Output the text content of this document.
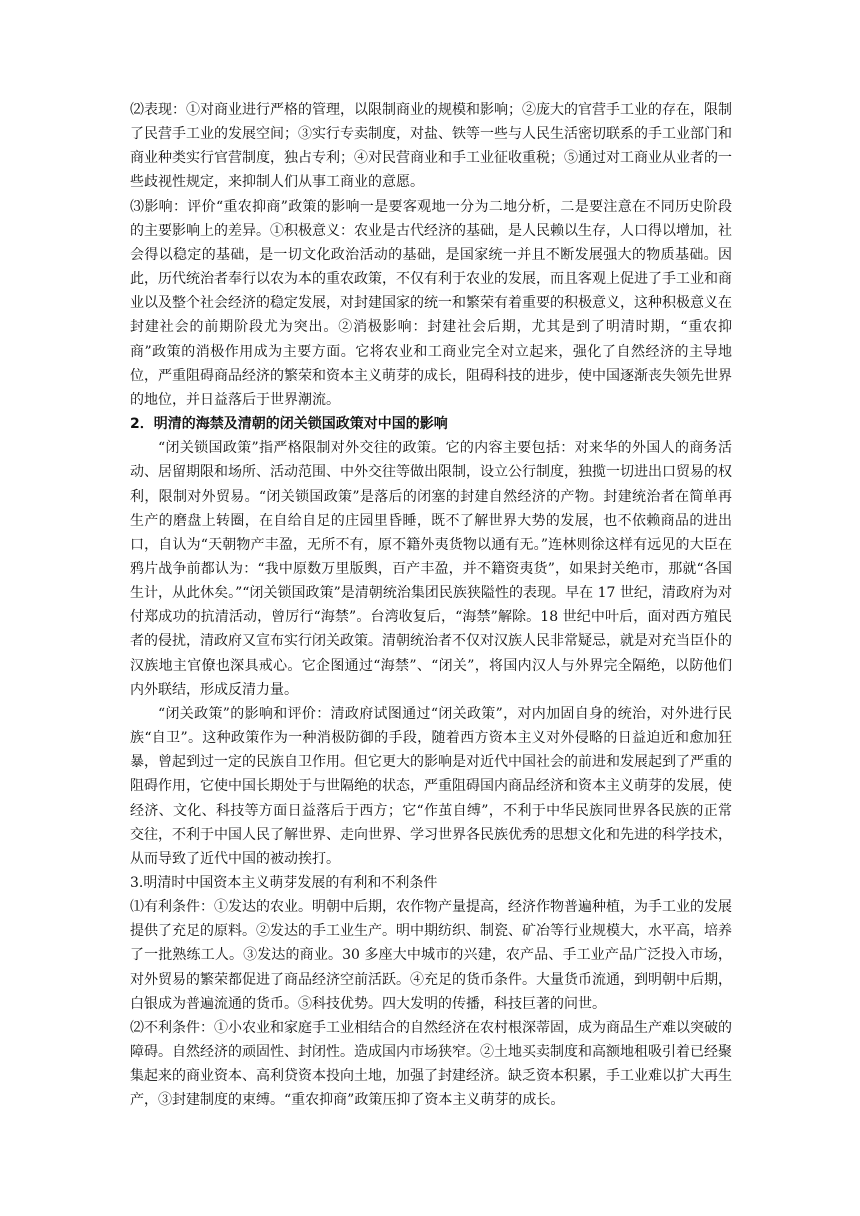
⑵表现：①对商业进行严格的管理，以限制商业的规模和影响；②庞大的官营手工业的存在，限制了民营手工业的发展空间；③实行专卖制度，对盐、铁等一些与人民生活密切联系的手工业部门和商业种类实行官营制度，独占专利；④对民营商业和手工业征收重税；⑤通过对工商业从业者的一些歧视性规定，来抑制人们从事工商业的意愿。

⑶影响：评价“重农抑商”政策的影响一是要客观地一分为二地分析，二是要注意在不同历史阶段的主要影响上的差异。①积极意义：农业是古代经济的基础，是人民赖以生存，人口得以增加，社会得以稳定的基础，是一切文化政治活动的基础，是国家统一并且不断发展强大的物质基础。因此，历代统治者奉行以农为本的重农政策，不仅有利于农业的发展，而且客观上促进了手工业和商业以及整个社会经济的稳定发展，对封建国家的统一和繁荣有着重要的积极意义，这种积极意义在封建社会的前期阶段尤为突出。②消极影响：封建社会后期，尤其是到了明清时期，“重农抑商”政策的消极作用成为主要方面。它将农业和工商业完全对立起来，强化了自然经济的主导地位，严重阻碍商品经济的繁荣和资本主义萌芽的成长，阻碍科技的进步，使中国逐渐丧失领先世界的地位，并日益落后于世界潮流。

2．明清的海禁及清朝的闭关锁国政策对中国的影响

“闭关锁国政策”指严格限制对外交往的政策。它的内容主要包括：对来华的外国人的商务活动、居留期限和场所、活动范围、中外交往等做出限制，设立公行制度，独揽一切进出口贸易的权利，限制对外贸易。“闭关锁国政策”是落后的闭塞的封建自然经济的产物。封建统治者在简单再生产的磨盘上转圈，在自给自足的庄园里昏睡，既不了解世界大势的发展，也不依赖商品的进出口，自认为“天朝物产丰盈，无所不有，原不籍外夷货物以通有无。”连林则徐这样有远见的大臣在鸦片战争前都认为：“我中原数万里版舆，百产丰盈，并不籍资夷货”，如果封关绝市，那就“各国生计，从此休矣。”“闭关锁国政策”是清朝统治集团民族狭隘性的表现。早在 17 世纪，清政府为对付郑成功的抗清活动，曾厉行“海禁”。台湾收复后，“海禁”解除。18 世纪中叶后，面对西方殖民者的侵扰，清政府又宣布实行闭关政策。清朝统治者不仅对汉族人民非常疑忌，就是对充当臣仆的汉族地主官僚也深具戒心。它企图通过“海禁”、“闭关”，将国内汉人与外界完全隔绝，以防他们内外联结，形成反清力量。

“闭关政策”的影响和评价：清政府试图通过“闭关政策”，对内加固自身的统治，对外进行民族“自卫”。这种政策作为一种消极防御的手段，随着西方资本主义对外侵略的日益迫近和愈加狂暴，曾起到过一定的民族自卫作用。但它更大的影响是对近代中国社会的前进和发展起到了严重的阻碍作用，它使中国长期处于与世隔绝的状态，严重阻碍国内商品经济和资本主义萌芽的发展，使经济、文化、科技等方面日益落后于西方；它“作茧自缚”，不利于中华民族同世界各民族的正常交往，不利于中国人民了解世界、走向世界、学习世界各民族优秀的思想文化和先进的科学技术，从而导致了近代中国的被动挨打。

3.明清时中国资本主义萌芽发展的有利和不利条件

⑴有利条件：①发达的农业。明朝中后期，农作物产量提高，经济作物普遍种植，为手工业的发展提供了充足的原料。②发达的手工业生产。明中期纺织、制瓷、矿冶等行业规模大，水平高，培养了一批熟练工人。③发达的商业。30 多座大中城市的兴建，农产品、手工业产品广泛投入市场，对外贸易的繁荣都促进了商品经济空前活跃。④充足的货币条件。大量货币流通，到明朝中后期，白银成为普遍流通的货币。⑤科技优势。四大发明的传播，科技巨著的问世。

⑵不利条件：①小农业和家庭手工业相结合的自然经济在农村根深蒂固，成为商品生产难以突破的障碍。自然经济的顽固性、封闭性。造成国内市场狭窄。②土地买卖制度和高额地租吸引着已经聚集起来的商业资本、高利贷资本投向土地，加强了封建经济。缺乏资本积累，手工业难以扩大再生产，③封建制度的束缚。“重农抑商”政策压抑了资本主义萌芽的成长。
